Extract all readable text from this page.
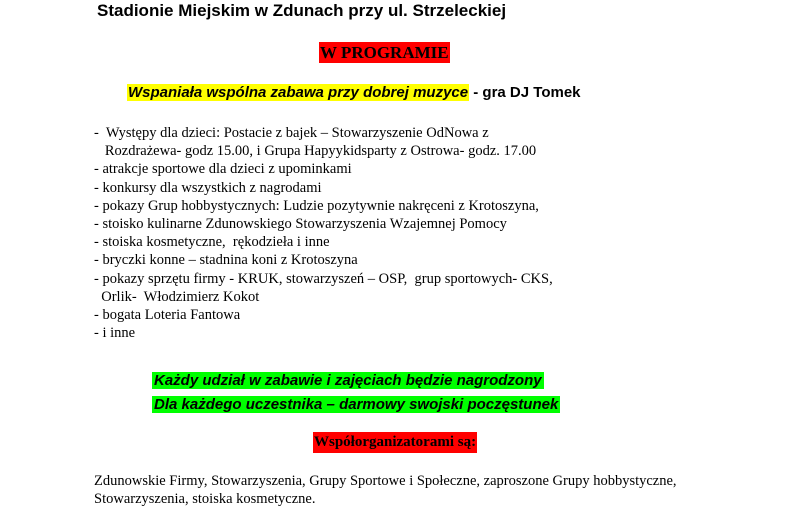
Stadionie Miejskim w Zdunach przy ul. Strzeleckiej
W PROGRAMIE
Wspaniała wspólna zabawa przy dobrej muzyce - gra DJ Tomek
-  Występy dla dzieci: Postacie z bajek – Stowarzyszenie OdNowa z
Rozdrażewa- godz 15.00, i Grupa Hapyykidsparty z Ostrowa- godz. 17.00
- atrakcje sportowe dla dzieci z upominkami
- konkursy dla wszystkich z nagrodami
- pokazy Grup hobbystycznych: Ludzie pozytywnie nakręceni z Krotoszyna,
- stoisko kulinarne Zdunowskiego Stowarzyszenia Wzajemnej Pomocy
- stoiska kosmetyczne,  rękodzieła i inne
- bryczki konne – stadnina koni z Krotoszyna
- pokazy sprzętu firmy - KRUK, stowarzyszeń – OSP,  grup sportowych- CKS,
Orlik-  Włodzimierz Kokot
- bogata Loteria Fantowa
- i inne
Każdy udział w zabawie i zajęciach będzie nagrodzony
Dla każdego uczestnika – darmowy swojski poczęstunek
Współorganizatorami są:

Zdunowskie Firmy, Stowarzyszenia, Grupy Sportowe i Społeczne, zaproszone Grupy hobbystyczne, Stowarzyszenia, stoiska kosmetyczne.
